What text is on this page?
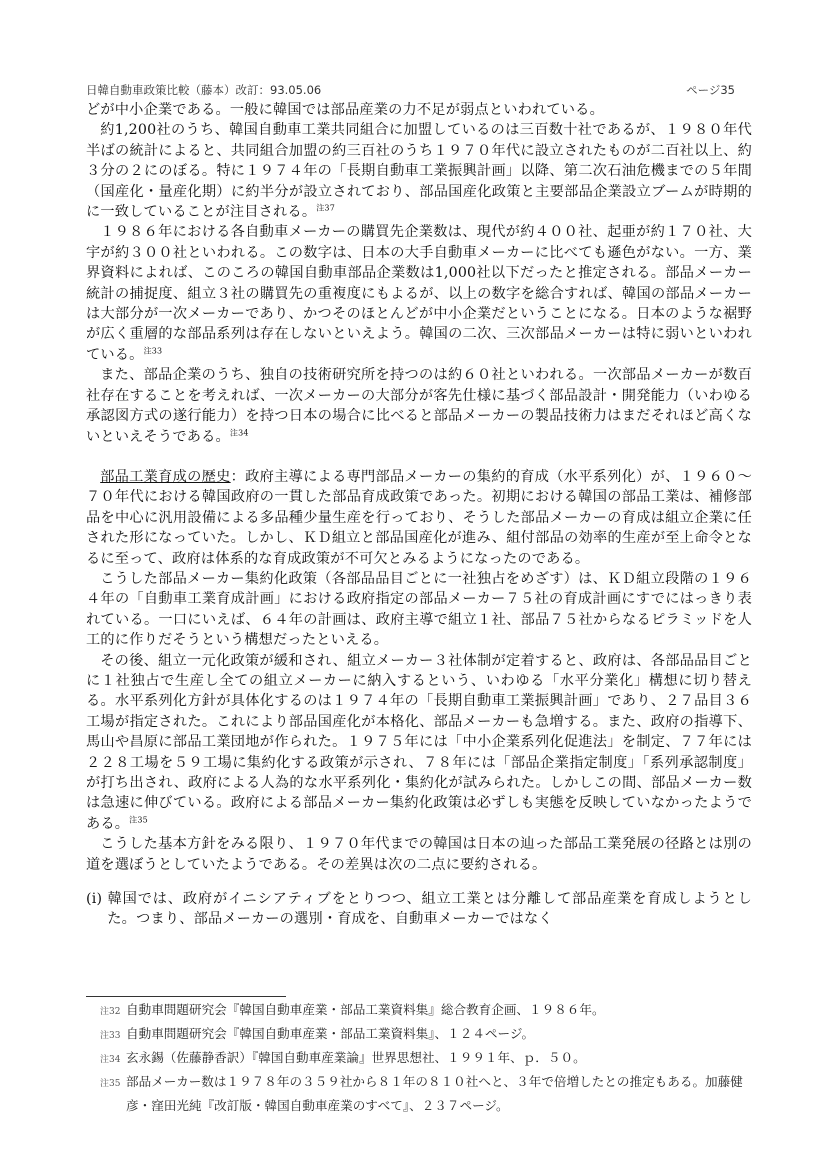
日韓自動車政策比較（藤本）改訂：93.05.06	ページ35

どが中小企業である。一般に韓国では部品産業の力不足が弱点といわれている。

約1,200社のうち、韓国自動車工業共同組合に加盟しているのは三百数十社であるが、１９８０年代半ばの統計によると、共同組合加盟の約三百社のうち１９７０年代に設立されたものが二百社以上、約３分の２にのぼる。特に１９７４年の「長期自動車工業振興計画」以降、第二次石油危機までの５年間（国産化・量産化期）に約半分が設立されており、部品国産化政策と主要部品企業設立ブームが時期的に一致していることが注目される。$^{注37}$

１９８６年における各自動車メーカーの購買先企業数は、現代が約４００社、起亜が約１７０社、大宇が約３００社といわれる。この数字は、日本の大手自動車メーカーに比べても遜色がない。一方、業界資料によれば、このころの韓国自動車部品企業数は1,000社以下だったと推定される。部品メーカー統計の捕捉度、組立３社の購買先の重複度にもよるが、以上の数字を総合すれば、韓国の部品メーカーは大部分が一次メーカーであり、かつそのほとんどが中小企業だということになる。日本のような裾野が広く重層的な部品系列は存在しないといえよう。韓国の二次、三次部品メーカーは特に弱いといわれている。$^{注33}$

また、部品企業のうち、独自の技術研究所を持つのは約６０社といわれる。一次部品メーカーが数百社存在することを考えれば、一次メーカーの大部分が客先仕様に基づく部品設計・開発能力（いわゆる承認図方式の遂行能力）を持つ日本の場合に比べると部品メーカーの製品技術力はまだそれほど高くないといえそうである。$^{注34}$

部品工業育成の歴史：政府主導による専門部品メーカーの集約的育成（水平系列化）が、１９６０〜７０年代における韓国政府の一貫した部品育成政策であった。初期における韓国の部品工業は、補修部品を中心に汎用設備による多品種少量生産を行っており、そうした部品メーカーの育成は組立企業に任された形になっていた。しかし、ＫＤ組立と部品国産化が進み、組付部品の効率的生産が至上命令となるに至って、政府は体系的な育成政策が不可欠とみるようになったのである。

こうした部品メーカー集約化政策（各部品品目ごとに一社独占をめざす）は、ＫＤ組立段階の１９６４年の「自動車工業育成計画」における政府指定の部品メーカー７５社の育成計画にすでにはっきり表れている。一口にいえば、６４年の計画は、政府主導で組立１社、部品７５社からなるピラミッドを人工的に作りだそうという構想だったといえる。

その後、組立一元化政策が緩和され、組立メーカー３社体制が定着すると、政府は、各部品品目ごとに１社独占で生産し全ての組立メーカーに納入するという、いわゆる「水平分業化」構想に切り替える。水平系列化方針が具体化するのは１９７４年の「長期自動車工業振興計画」であり、２７品目３６工場が指定された。これにより部品国産化が本格化、部品メーカーも急増する。また、政府の指導下、馬山や昌原に部品工業団地が作られた。１９７５年には「中小企業系列化促進法」を制定、７７年には２２８工場を５９工場に集約化する政策が示され、７８年には「部品企業指定制度」「系列承認制度」が打ち出され、政府による人為的な水平系列化・集約化が試みられた。しかしこの間、部品メーカー数は急速に伸びている。政府による部品メーカー集約化政策は必ずしも実態を反映していなかったようである。$^{注35}$

こうした基本方針をみる限り、１９７０年代までの韓国は日本の辿った部品工業発展の径路とは別の道を選ぼうとしていたようである。その差異は次の二点に要約される。

(i) 韓国では、政府がイニシアティブをとりつつ、組立工業とは分離して部品産業を育成しようとした。つまり、部品メーカーの選別・育成を、自動車メーカーではなく

注32 自動車問題研究会『韓国自動車産業・部品工業資料集』総合教育企画、１９８６年。

注33 自動車問題研究会『韓国自動車産業・部品工業資料集』、１２４ページ。

注34 玄永錫（佐藤静香訳）『韓国自動車産業論』世界思想社、１９９１年、ｐ．５０。

注35 部品メーカー数は１９７８年の３５９社から８１年の８１０社へと、３年で倍増したとの推定もある。加藤健彦・窪田光純『改訂版・韓国自動車産業のすべて』、２３７ページ。
